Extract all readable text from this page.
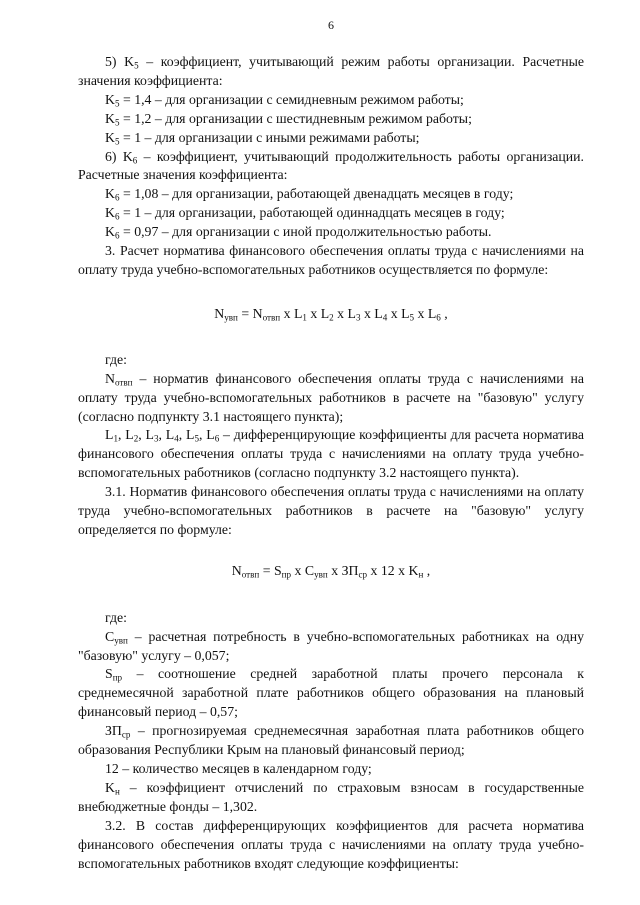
6

5) $K_5$ – коэффициент, учитывающий режим работы организации. Расчетные значения коэффициента:

$K_5 = 1,4$ – для организации с семидневным режимом работы;

$K_5 = 1,2$ – для организации с шестидневным режимом работы;

$K_5 = 1$ – для организации с иными режимами работы;

6) $K_6$ – коэффициент, учитывающий продолжительность работы организации. Расчетные значения коэффициента:

$K_6 = 1,08$ – для организации, работающей двенадцать месяцев в году;

$K_6 = 1$ – для организации, работающей одиннадцать месяцев в году;

$K_6 = 0,97$ – для организации с иной продолжительностью работы.

3. Расчет норматива финансового обеспечения оплаты труда с начислениями на оплату труда учебно-вспомогательных работников осуществляется по формуле:

$N_{увп} = N_{отвп}$ x $L_1$ x $L_2$ x $L_3$ x $L_4$ x $L_5$ x $L_6$ ,

где:

$N_{отвп}$ – норматив финансового обеспечения оплаты труда с начислениями на оплату труда учебно-вспомогательных работников в расчете на "базовую" услугу (согласно подпункту 3.1 настоящего пункта);

$L_1$, $L_2$, $L_3$, $L_4$, $L_5$, $L_6$ – дифференцирующие коэффициенты для расчета норматива финансового обеспечения оплаты труда с начислениями на оплату труда учебно-вспомогательных работников (согласно подпункту 3.2 настоящего пункта).

3.1. Норматив финансового обеспечения оплаты труда с начислениями на оплату труда учебно-вспомогательных работников в расчете на "базовую" услугу определяется по формуле:

$N_{отвп} = S_{пр}$ x $C_{увп}$ x $ЗП_{ср}$ x 12 x $K_н$ ,

где:

$C_{увп}$ – расчетная потребность в учебно-вспомогательных работниках на одну "базовую" услугу – 0,057;

$S_{пр}$ – соотношение средней заработной платы прочего персонала к среднемесячной заработной плате работников общего образования на плановый финансовый период – 0,57;

$ЗП_{ср}$ – прогнозируемая среднемесячная заработная плата работников общего образования Республики Крым на плановый финансовый период;

12 – количество месяцев в календарном году;

$K_н$ – коэффициент отчислений по страховым взносам в государственные внебюджетные фонды – 1,302.

3.2. В состав дифференцирующих коэффициентов для расчета норматива финансового обеспечения оплаты труда с начислениями на оплату труда учебно-вспомогательных работников входят следующие коэффициенты:
